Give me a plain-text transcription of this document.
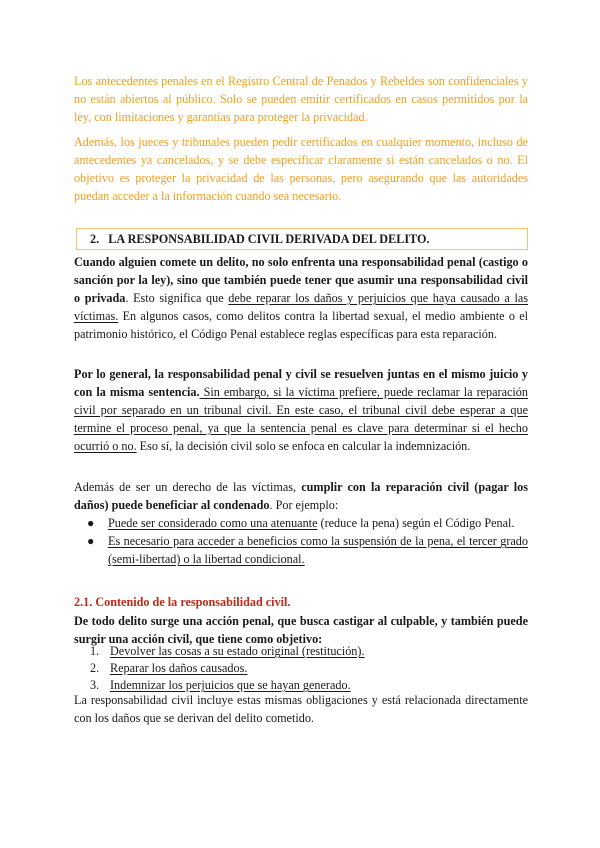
Los antecedentes penales en el Registro Central de Penados y Rebeldes son confidenciales y no están abiertos al público. Solo se pueden emitir certificados en casos permitidos por la ley, con limitaciones y garantías para proteger la privacidad.

Además, los jueces y tribunales pueden pedir certificados en cualquier momento, incluso de antecedentes ya cancelados, y se debe especificar claramente si están cancelados o no. El objetivo es proteger la privacidad de las personas, pero asegurando que las autoridades puedan acceder a la información cuando sea necesario.

2.   LA RESPONSABILIDAD CIVIL DERIVADA DEL DELITO.

Cuando alguien comete un delito, no solo enfrenta una responsabilidad penal (castigo o sanción por la ley), sino que también puede tener que asumir una responsabilidad civil o privada. Esto significa que debe reparar los daños y perjuicios que haya causado a las víctimas. En algunos casos, como delitos contra la libertad sexual, el medio ambiente o el patrimonio histórico, el Código Penal establece reglas específicas para esta reparación.

Por lo general, la responsabilidad penal y civil se resuelven juntas en el mismo juicio y con la misma sentencia. Sin embargo, si la víctima prefiere, puede reclamar la reparación civil por separado en un tribunal civil. En este caso, el tribunal civil debe esperar a que termine el proceso penal, ya que la sentencia penal es clave para determinar si el hecho ocurrió o no. Eso sí, la decisión civil solo se enfoca en calcular la indemnización.

Además de ser un derecho de las víctimas, cumplir con la reparación civil (pagar los daños) puede beneficiar al condenado. Por ejemplo:

● Puede ser considerado como una atenuante (reduce la pena) según el Código Penal.
● Es necesario para acceder a beneficios como la suspensión de la pena, el tercer grado (semi-libertad) o la libertad condicional.
2.1. Contenido de la responsabilidad civil.

De todo delito surge una acción penal, que busca castigar al culpable, y también puede surgir una acción civil, que tiene como objetivo:

1. Devolver las cosas a su estado original (restitución).
2. Reparar los daños causados.
3. Indemnizar los perjuicios que se hayan generado.

La responsabilidad civil incluye estas mismas obligaciones y está relacionada directamente con los daños que se derivan del delito cometido.
